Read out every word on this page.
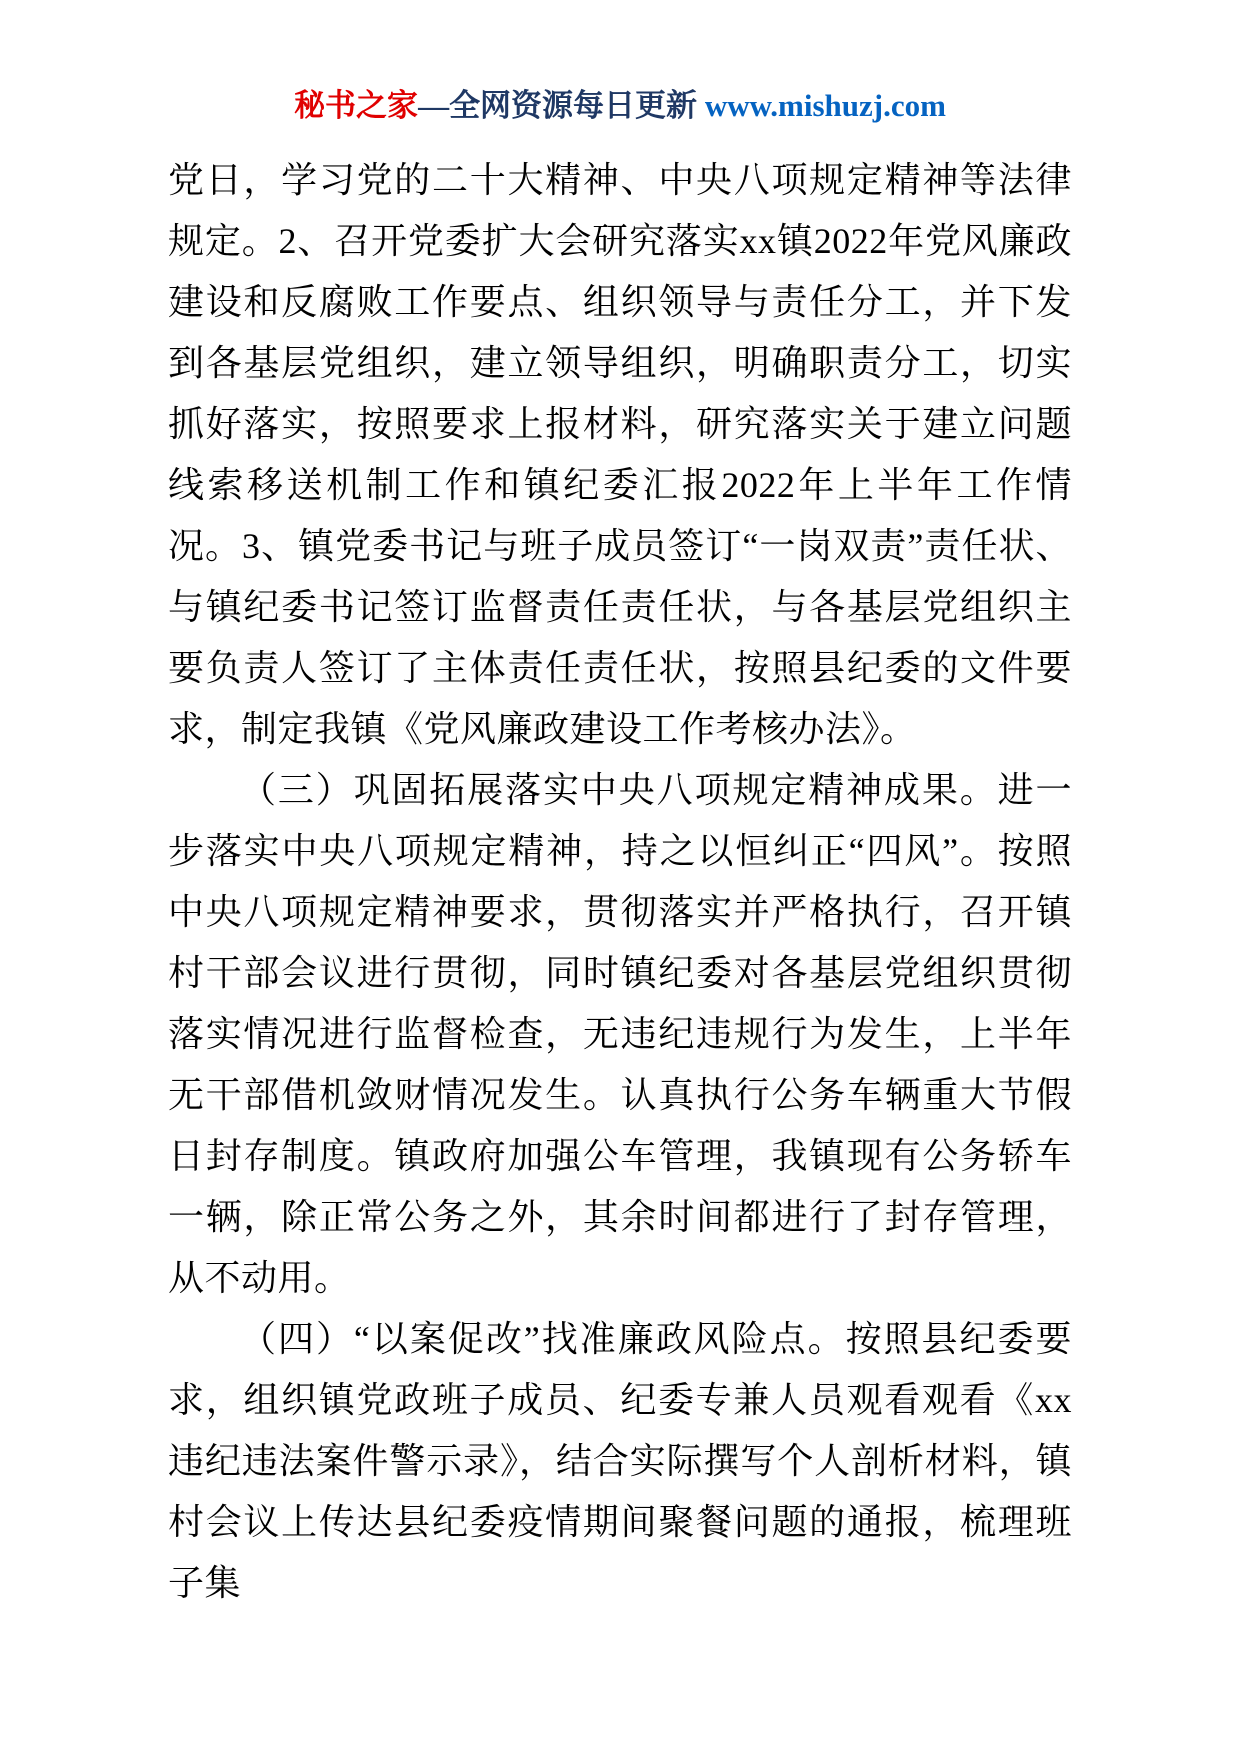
秘书之家—全网资源每日更新 www.mishuzj.com

党日，学习党的二十大精神、中央八项规定精神等法律规定。2、召开党委扩大会研究落实xx镇2022年党风廉政建设和反腐败工作要点、组织领导与责任分工，并下发到各基层党组织，建立领导组织，明确职责分工，切实抓好落实，按照要求上报材料，研究落实关于建立问题线索移送机制工作和镇纪委汇报2022年上半年工作情况。3、镇党委书记与班子成员签订“一岗双责”责任状、与镇纪委书记签订监督责任责任状，与各基层党组织主要负责人签订了主体责任责任状，按照县纪委的文件要求，制定我镇《党风廉政建设工作考核办法》。

（三）巩固拓展落实中央八项规定精神成果。进一步落实中央八项规定精神，持之以恒纠正“四风”。按照中央八项规定精神要求，贯彻落实并严格执行，召开镇村干部会议进行贯彻，同时镇纪委对各基层党组织贯彻落实情况进行监督检查，无违纪违规行为发生，上半年无干部借机敛财情况发生。认真执行公务车辆重大节假日封存制度。镇政府加强公车管理，我镇现有公务轿车一辆，除正常公务之外，其余时间都进行了封存管理，从不动用。

（四）“以案促改”找准廉政风险点。按照县纪委要求，组织镇党政班子成员、纪委专兼人员观看观看《xx违纪违法案件警示录》，结合实际撰写个人剖析材料，镇村会议上传达县纪委疫情期间聚餐问题的通报，梳理班子集
